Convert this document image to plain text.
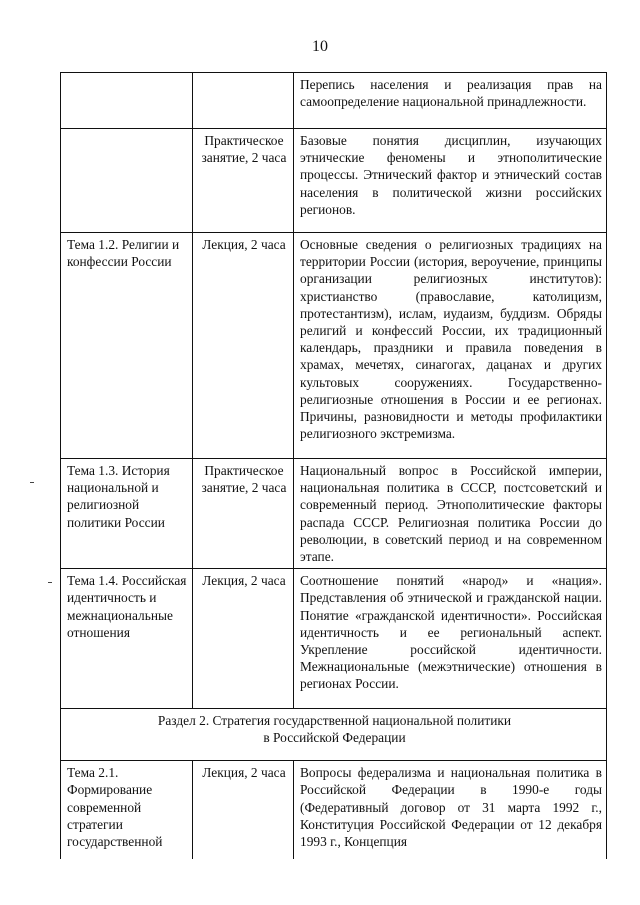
10
		Перепись населения и реализация прав на самоопределение национальной принадлежности.
	Практическое занятие, 2 часа	Базовые понятия дисциплин, изучающих этнические феномены и этнополитические процессы. Этнический фактор и этнический состав населения в политической жизни российских регионов.
Тема 1.2. Религии и конфессии России	Лекция, 2 часа	Основные сведения о религиозных традициях на территории России (история, вероучение, принципы организации религиозных институтов): христианство (православие, католицизм, протестантизм), ислам, иудаизм, буддизм. Обряды религий и конфессий России, их традиционный календарь, праздники и правила поведения в храмах, мечетях, синагогах, дацанах и других культовых сооружениях. Государственно-религиозные отношения в России и ее регионах. Причины, разновидности и методы профилактики религиозного экстремизма.
Тема 1.3. История национальной и религиозной политики России	Практическое занятие, 2 часа	Национальный вопрос в Российской империи, национальная политика в СССР, постсоветский и современный период. Этнополитические факторы распада СССР. Религиозная политика России до революции, в советский период и на современном этапе.
Тема 1.4. Российская идентичность и межнациональные отношения	Лекция, 2 часа	Соотношение понятий «народ» и «нация». Представления об этнической и гражданской нации. Понятие «гражданской идентичности». Российская идентичность и ее региональный аспект. Укрепление российской идентичности. Межнациональные (межэтнические) отношения в регионах России.

Раздел 2. Стратегия государственной национальной политики
в Российской Федерации		

Тема 2.1. Формирование современной стратегии государственной	Лекция, 2 часа	Вопросы федерализма и национальная политика в Российской Федерации в 1990-е годы (Федеративный договор от 31 марта 1992 г., Конституция Российской Федерации от 12 декабря 1993 г., Концепция
